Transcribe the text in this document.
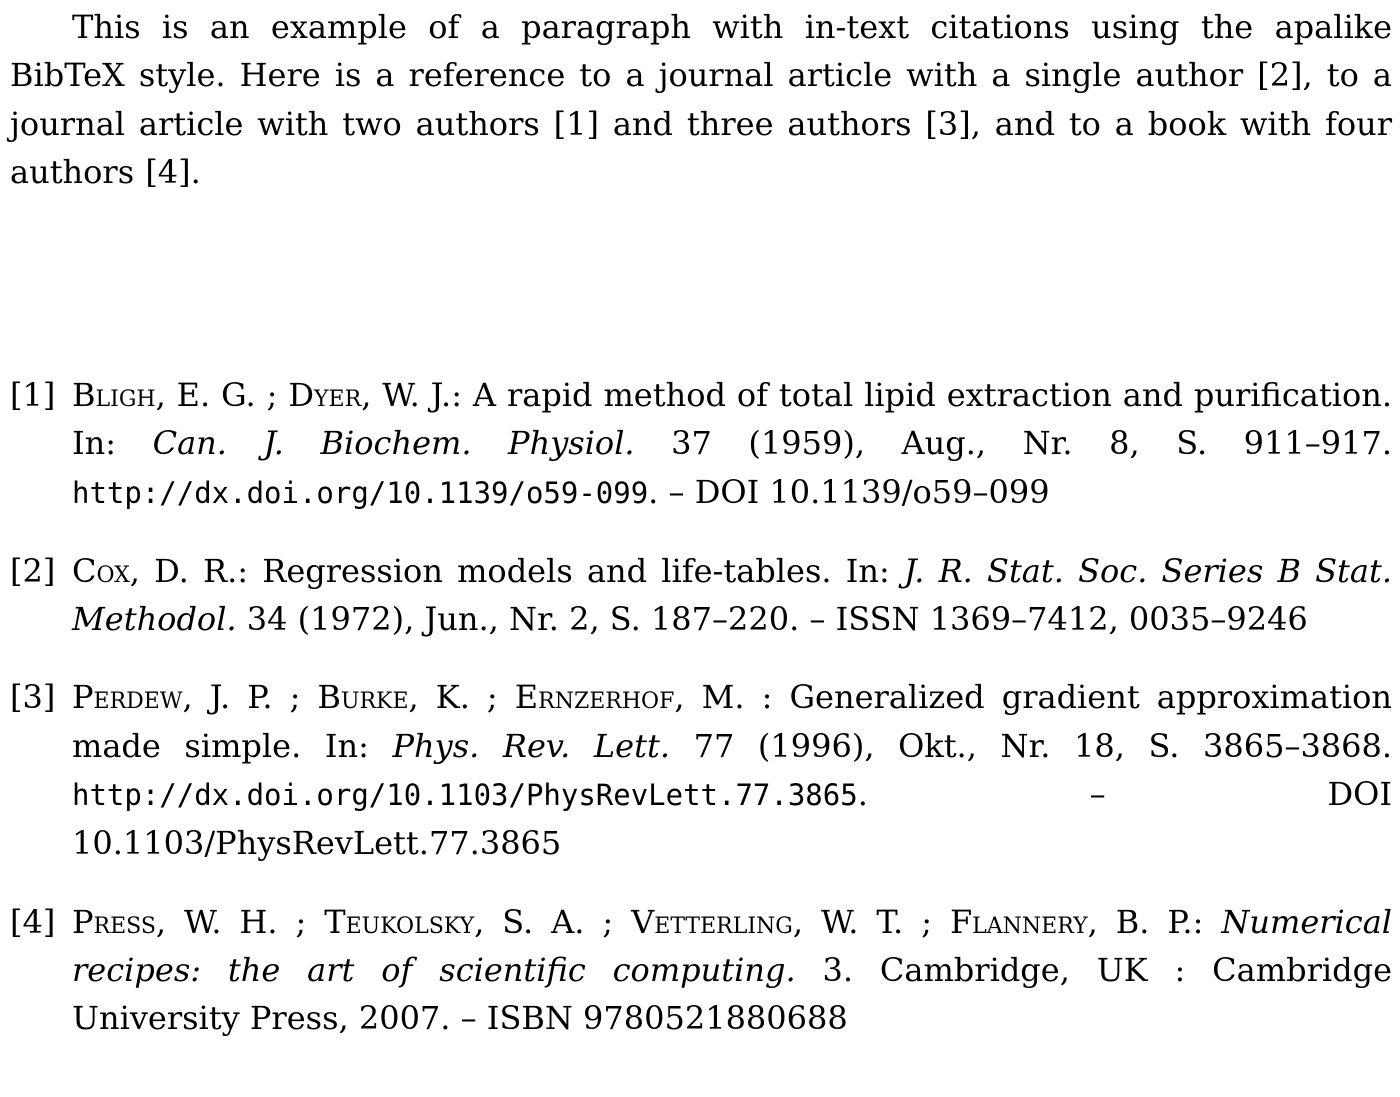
This is an example of a paragraph with in-text citations using the apalike BibTeX style. Here is a reference to a journal article with a single author [2], to a journal article with two authors [1] and three authors [3], and to a book with four authors [4].

[1] Bligh, E. G. ; Dyer, W. J.: A rapid method of total lipid extraction and purification. In: Can. J. Biochem. Physiol. 37 (1959), Aug., Nr. 8, S. 911–917. http://dx.doi.org/10.1139/o59-099. – DOI 10.1139/o59–099
[2] Cox, D. R.: Regression models and life-tables. In: J. R. Stat. Soc. Series B Stat. Methodol. 34 (1972), Jun., Nr. 2, S. 187–220. – ISSN 1369–7412, 0035–9246
[3] Perdew, J. P. ; Burke, K. ; Ernzerhof, M. : Generalized gradient approximation made simple. In: Phys. Rev. Lett. 77 (1996), Okt., Nr. 18, S. 3865–3868. http://dx.doi.org/10.1103/PhysRevLett.77.3865. – DOI 10.1103/PhysRevLett.77.3865
[4] Press, W. H. ; Teukolsky, S. A. ; Vetterling, W. T. ; Flannery, B. P.: Numerical recipes: the art of scientific computing. 3. Cambridge, UK : Cambridge University Press, 2007. – ISBN 9780521880688
